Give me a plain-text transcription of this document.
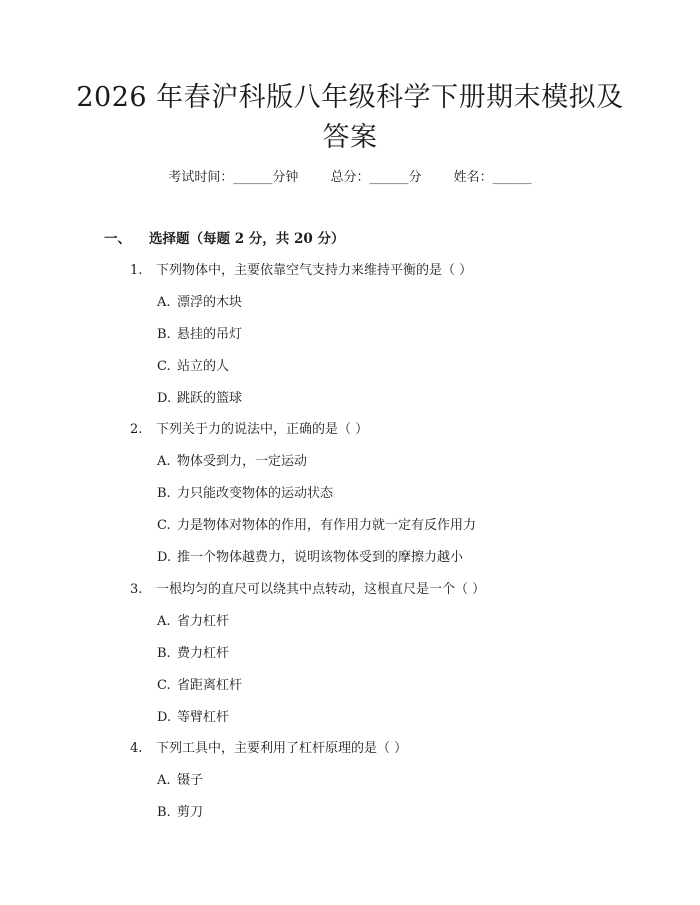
2026 年春沪科版八年级科学下册期末模拟及
答案
考试时间：______分钟 总分：______分 姓名：______
一、 选择题（每题 2 分，共 20 分）
1. 下列物体中，主要依靠空气支持力来维持平衡的是（ ）
A. 漂浮的木块
B. 悬挂的吊灯
C. 站立的人
D. 跳跃的篮球
2. 下列关于力的说法中，正确的是（ ）
A. 物体受到力，一定运动
B. 力只能改变物体的运动状态
C. 力是物体对物体的作用，有作用力就一定有反作用力
D. 推一个物体越费力，说明该物体受到的摩擦力越小
3. 一根均匀的直尺可以绕其中点转动，这根直尺是一个（ ）
A. 省力杠杆
B. 费力杠杆
C. 省距离杠杆
D. 等臂杠杆
4. 下列工具中，主要利用了杠杆原理的是（ ）
A. 镊子
B. 剪刀
